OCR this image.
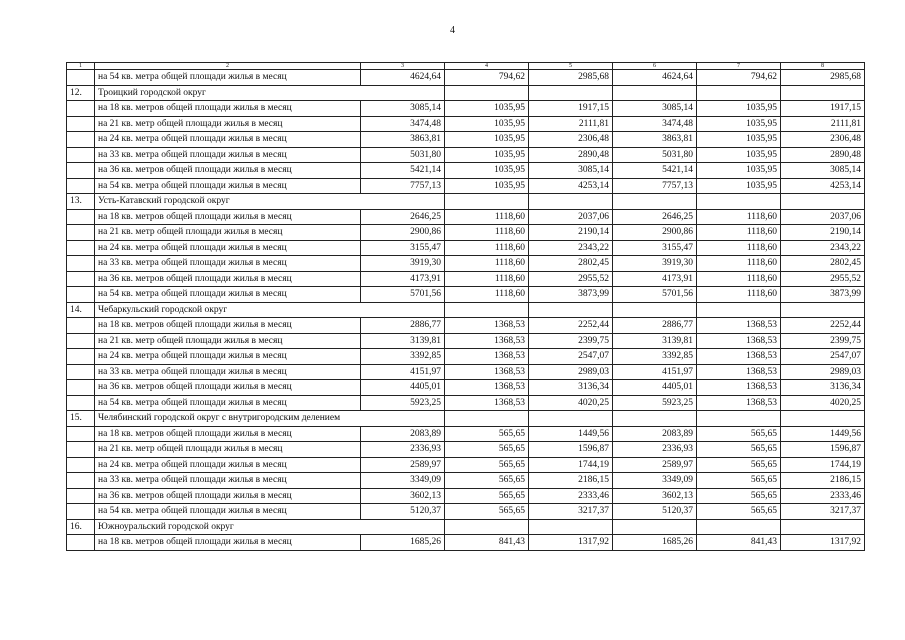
4
1	2	3	4	5	6	7	8
	на 54 кв. метра общей площади жилья в месяц	4624,64	794,62	2985,68	4624,64	794,62	2985,68
12.	Троицкий городской округ						
	на 18 кв. метров общей площади жилья в месяц	3085,14	1035,95	1917,15	3085,14	1035,95	1917,15
	на 21 кв. метр общей площади жилья в месяц	3474,48	1035,95	2111,81	3474,48	1035,95	2111,81
	на 24 кв. метра общей площади жилья в месяц	3863,81	1035,95	2306,48	3863,81	1035,95	2306,48
	на 33 кв. метра общей площади жилья в месяц	5031,80	1035,95	2890,48	5031,80	1035,95	2890,48
	на 36 кв. метров общей площади жилья в месяц	5421,14	1035,95	3085,14	5421,14	1035,95	3085,14
	на 54 кв. метра общей площади жилья в месяц	7757,13	1035,95	4253,14	7757,13	1035,95	4253,14
13.	Усть-Катавский городской округ						
	на 18 кв. метров общей площади жилья в месяц	2646,25	1118,60	2037,06	2646,25	1118,60	2037,06
	на 21 кв. метр общей площади жилья в месяц	2900,86	1118,60	2190,14	2900,86	1118,60	2190,14
	на 24 кв. метра общей площади жилья в месяц	3155,47	1118,60	2343,22	3155,47	1118,60	2343,22
	на 33 кв. метра общей площади жилья в месяц	3919,30	1118,60	2802,45	3919,30	1118,60	2802,45
	на 36 кв. метров общей площади жилья в месяц	4173,91	1118,60	2955,52	4173,91	1118,60	2955,52
	на 54 кв. метра общей площади жилья в месяц	5701,56	1118,60	3873,99	5701,56	1118,60	3873,99
14.	Чебаркульский городской округ						
	на 18 кв. метров общей площади жилья в месяц	2886,77	1368,53	2252,44	2886,77	1368,53	2252,44
	на 21 кв. метр общей площади жилья в месяц	3139,81	1368,53	2399,75	3139,81	1368,53	2399,75
	на 24 кв. метра общей площади жилья в месяц	3392,85	1368,53	2547,07	3392,85	1368,53	2547,07
	на 33 кв. метра общей площади жилья в месяц	4151,97	1368,53	2989,03	4151,97	1368,53	2989,03
	на 36 кв. метров общей площади жилья в месяц	4405,01	1368,53	3136,34	4405,01	1368,53	3136,34
	на 54 кв. метра общей площади жилья в месяц	5923,25	1368,53	4020,25	5923,25	1368,53	4020,25
15.	Челябинский городской округ с внутригородским делением						
	на 18 кв. метров общей площади жилья в месяц	2083,89	565,65	1449,56	2083,89	565,65	1449,56
	на 21 кв. метр общей площади жилья в месяц	2336,93	565,65	1596,87	2336,93	565,65	1596,87
	на 24 кв. метра общей площади жилья в месяц	2589,97	565,65	1744,19	2589,97	565,65	1744,19
	на 33 кв. метра общей площади жилья в месяц	3349,09	565,65	2186,15	3349,09	565,65	2186,15
	на 36 кв. метров общей площади жилья в месяц	3602,13	565,65	2333,46	3602,13	565,65	2333,46
	на 54 кв. метра общей площади жилья в месяц	5120,37	565,65	3217,37	5120,37	565,65	3217,37
16.	Южноуральский городской округ						
	на 18 кв. метров общей площади жилья в месяц	1685,26	841,43	1317,92	1685,26	841,43	1317,92
